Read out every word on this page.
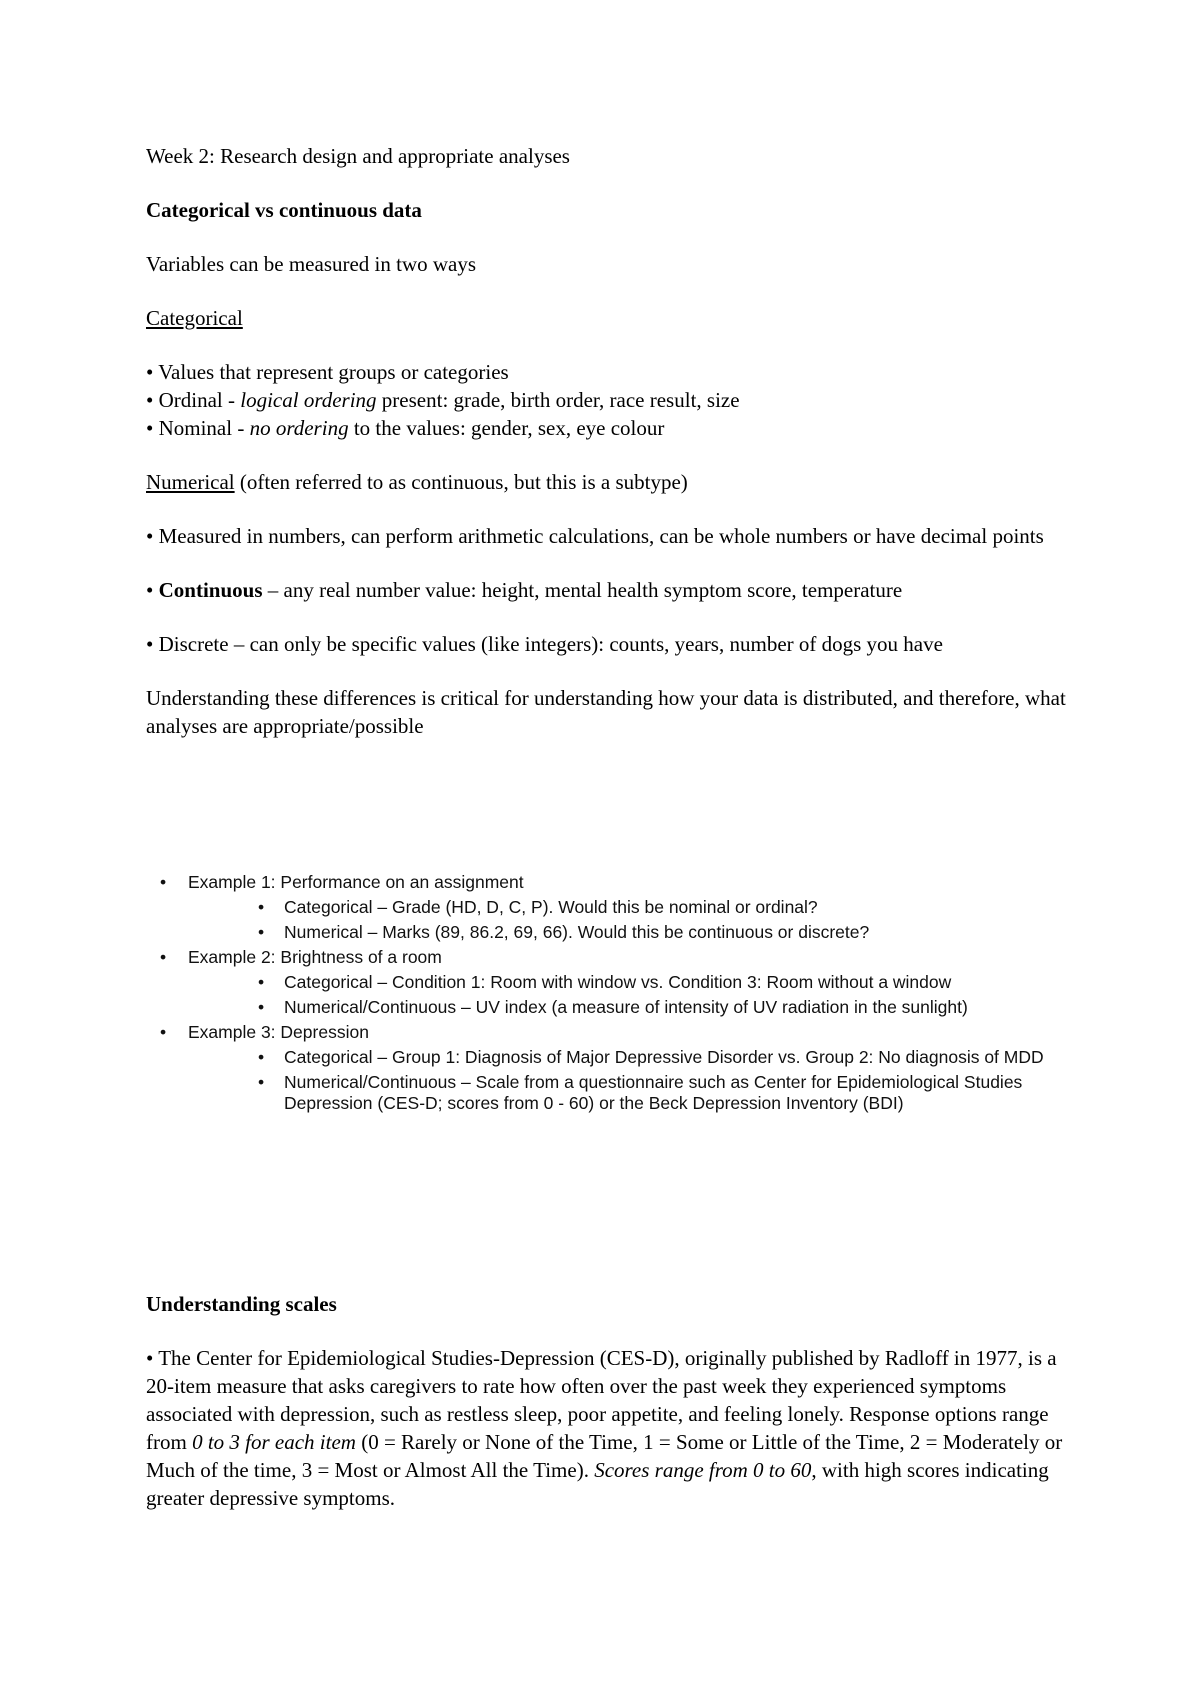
Week 2: Research design and appropriate analyses

Categorical vs continuous data

Variables can be measured in two ways

Categorical

• Values that represent groups or categories

• Ordinal - logical ordering present: grade, birth order, race result, size

• Nominal - no ordering to the values: gender, sex, eye colour

Numerical (often referred to as continuous, but this is a subtype)

• Measured in numbers, can perform arithmetic calculations, can be whole numbers or have decimal points

• Continuous – any real number value: height, mental health symptom score, temperature

• Discrete – can only be specific values (like integers): counts, years, number of dogs you have

Understanding these differences is critical for understanding how your data is distributed, and therefore, what analyses are appropriate/possible

• Example 1: Performance on an assignment
• Categorical – Grade (HD, D, C, P). Would this be nominal or ordinal?
• Numerical – Marks (89, 86.2, 69, 66). Would this be continuous or discrete?
• Example 2: Brightness of a room
• Categorical – Condition 1: Room with window vs. Condition 3: Room without a window
• Numerical/Continuous – UV index (a measure of intensity of UV radiation in the sunlight)
• Example 3: Depression
• Categorical – Group 1: Diagnosis of Major Depressive Disorder vs. Group 2: No diagnosis of MDD
• Numerical/Continuous – Scale from a questionnaire such as Center for Epidemiological Studies Depression (CES-D; scores from 0 - 60) or the Beck Depression Inventory (BDI)

Understanding scales

• The Center for Epidemiological Studies-Depression (CES-D), originally published by Radloff in 1977, is a 20-item measure that asks caregivers to rate how often over the past week they experienced symptoms associated with depression, such as restless sleep, poor appetite, and feeling lonely. Response options range from 0 to 3 for each item (0 = Rarely or None of the Time, 1 = Some or Little of the Time, 2 = Moderately or Much of the time, 3 = Most or Almost All the Time). Scores range from 0 to 60, with high scores indicating greater depressive symptoms.
